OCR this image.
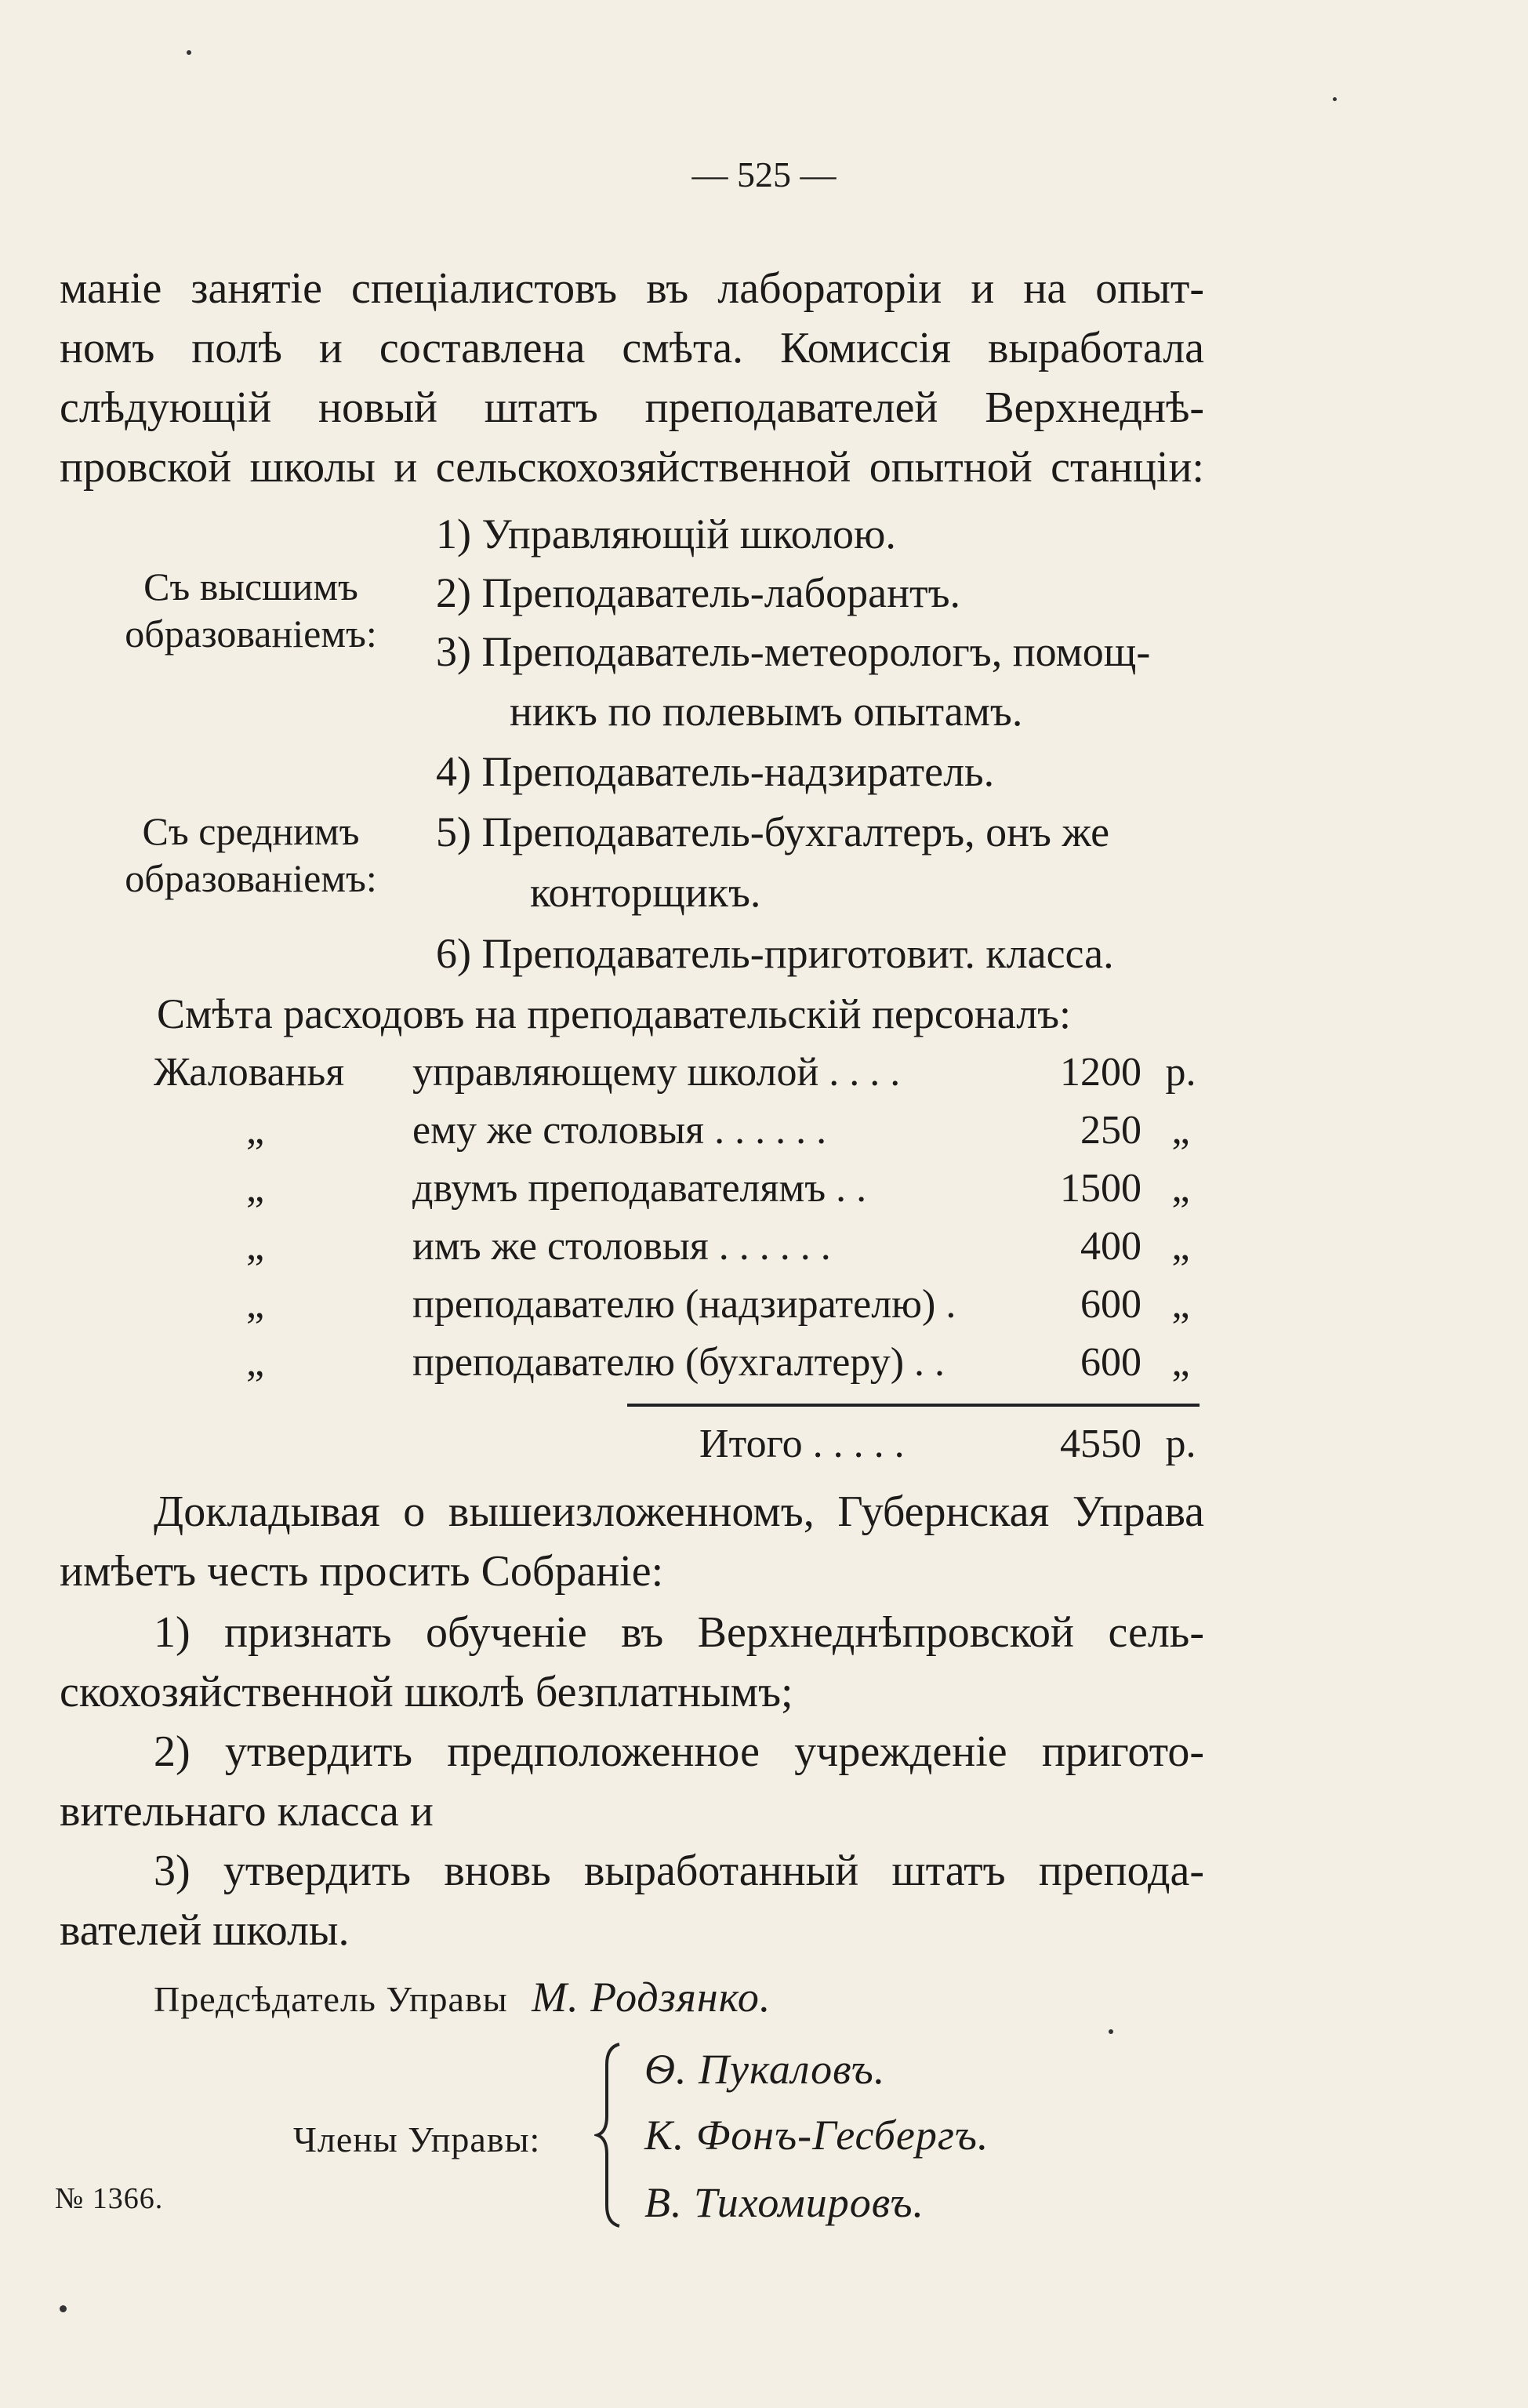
— 525 —
маніе занятіе спеціалистовъ въ лабораторіи и на опыт-
номъ полѣ и составлена смѣта. Комиссія выработала
слѣдующій новый штатъ преподавателей Верхнеднѣ-
провской школы и сельскохозяйственной опытной станціи:
Съ высшимъ
образованіемъ:
Съ среднимъ
образованіемъ:
1) Управляющій школою.
2) Преподаватель-лаборантъ.
3) Преподаватель-метеорологъ, помощ-
никъ по полевымъ опытамъ.
4) Преподаватель-надзиратель.
5) Преподаватель-бухгалтеръ, онъ же
конторщикъ.
6) Преподаватель-приготовит. класса.
Смѣта расходовъ на преподавательскій персоналъ:
Жалованья управляющему школой . . . .	1200 р.
„	ему же столовыя . . . . . .	250 „
„	двумъ преподавателямъ . .	1500 „
„	имъ же столовыя . . . . . .	400 „
„	преподавателю (надзирателю) .	600 „
„	преподавателю (бухгалтеру) . .	600 „
Итого . . . . .	4550 р.
Докладывая о вышеизложенномъ, Губернская Управа
имѣетъ честь просить Собраніе:
1) признать обученіе въ Верхнеднѣпровской сель-
скохозяйственной школѣ безплатнымъ;
2) утвердить предположенное учрежденіе пригото-
вительнаго класса и
3) утвердить вновь выработанный штатъ препода-
вателей школы.
Предсѣдатель Управы М. Родзянко.
Члены Управы:
Ѳ. Пукаловъ.
К. Фонъ-Гесбергъ.
В. Тихомировъ.
№ 1366.
